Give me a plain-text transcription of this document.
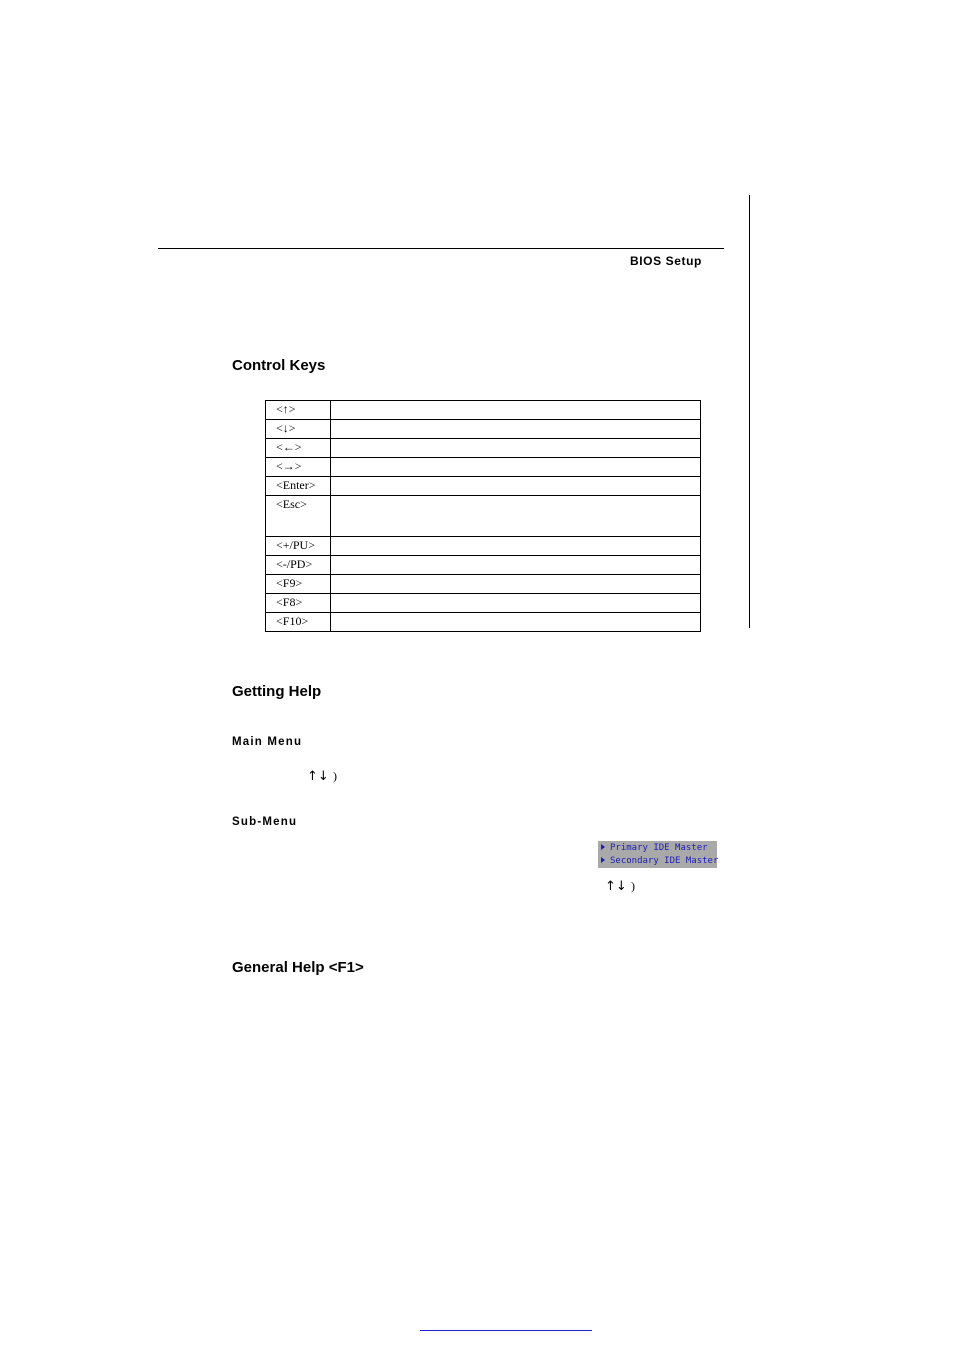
BIOS Setup
Control Keys
<↑>	
<↓>	
<←>	
<→>	
<Enter>	
<Esc>	
<+/PU>	
<-/PD>	
<F9>	
<F8>	
<F10>	
Getting Help
Main Menu
↑↓ )
Sub-Menu
Primary IDE Master
Secondary IDE Master
↑↓ )
General Help <F1>
